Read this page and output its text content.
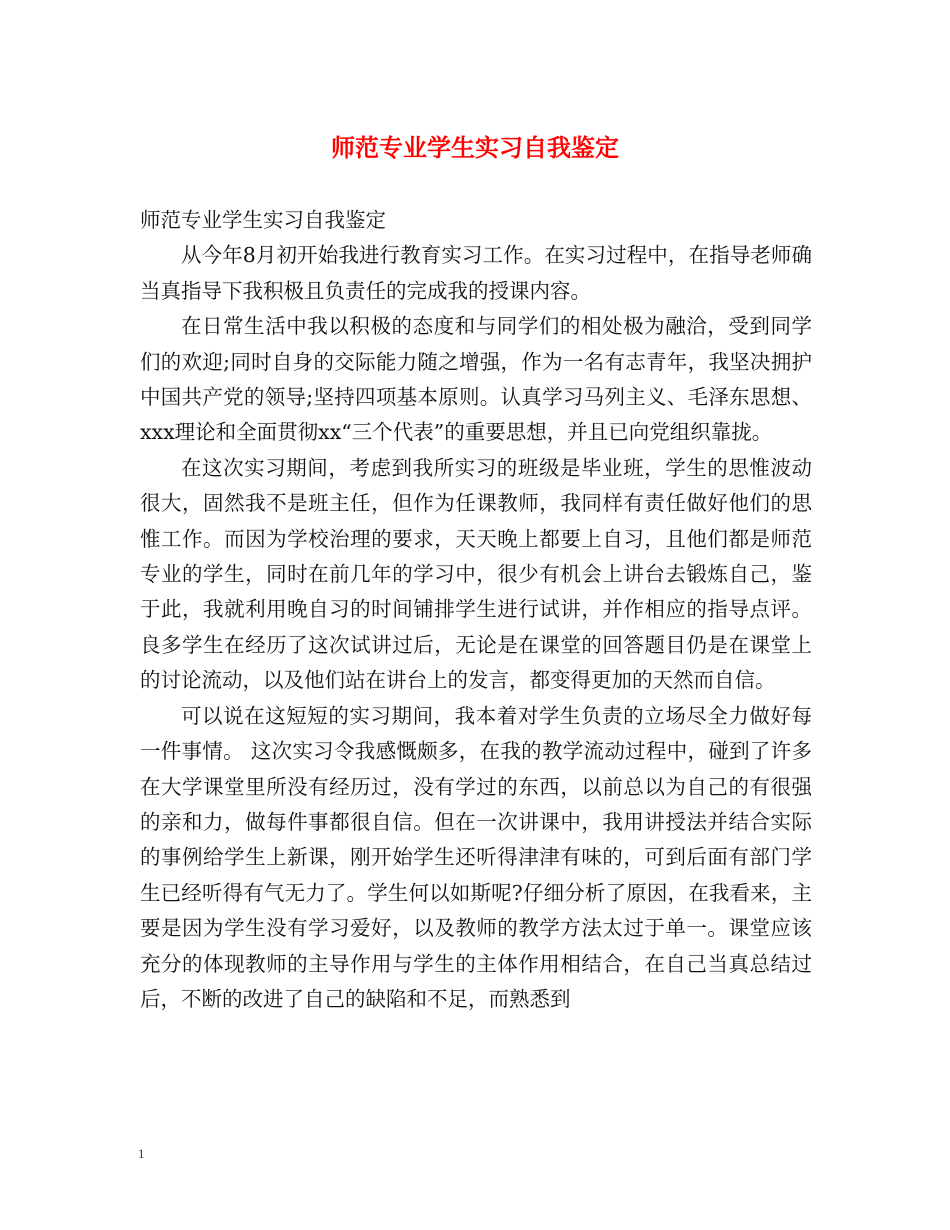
师范专业学生实习自我鉴定

师范专业学生实习自我鉴定

从今年8月初开始我进行教育实习工作。在实习过程中，在指导老师确当真指导下我积极且负责任的完成我的授课内容。

在日常生活中我以积极的态度和与同学们的相处极为融洽，受到同学们的欢迎;同时自身的交际能力随之增强，作为一名有志青年，我坚决拥护中国共产党的领导;坚持四项基本原则。认真学习马列主义、毛泽东思想、xxx理论和全面贯彻xx“三个代表”的重要思想，并且已向党组织靠拢。

在这次实习期间，考虑到我所实习的班级是毕业班，学生的思惟波动很大，固然我不是班主任，但作为任课教师，我同样有责任做好他们的思惟工作。而因为学校治理的要求，天天晚上都要上自习，且他们都是师范专业的学生，同时在前几年的学习中，很少有机会上讲台去锻炼自己，鉴于此，我就利用晚自习的时间铺排学生进行试讲，并作相应的指导点评。良多学生在经历了这次试讲过后，无论是在课堂的回答题目仍是在课堂上的讨论流动，以及他们站在讲台上的发言，都变得更加的天然而自信。

可以说在这短短的实习期间，我本着对学生负责的立场尽全力做好每一件事情。 这次实习令我感慨颇多，在我的教学流动过程中，碰到了许多在大学课堂里所没有经历过，没有学过的东西，以前总以为自己的有很强的亲和力，做每件事都很自信。但在一次讲课中，我用讲授法并结合实际的事例给学生上新课，刚开始学生还听得津津有味的，可到后面有部门学生已经听得有气无力了。学生何以如斯呢?仔细分析了原因，在我看来，主要是因为学生没有学习爱好，以及教师的教学方法太过于单一。课堂应该充分的体现教师的主导作用与学生的主体作用相结合，在自己当真总结过后，不断的改进了自己的缺陷和不足，而熟悉到

1
